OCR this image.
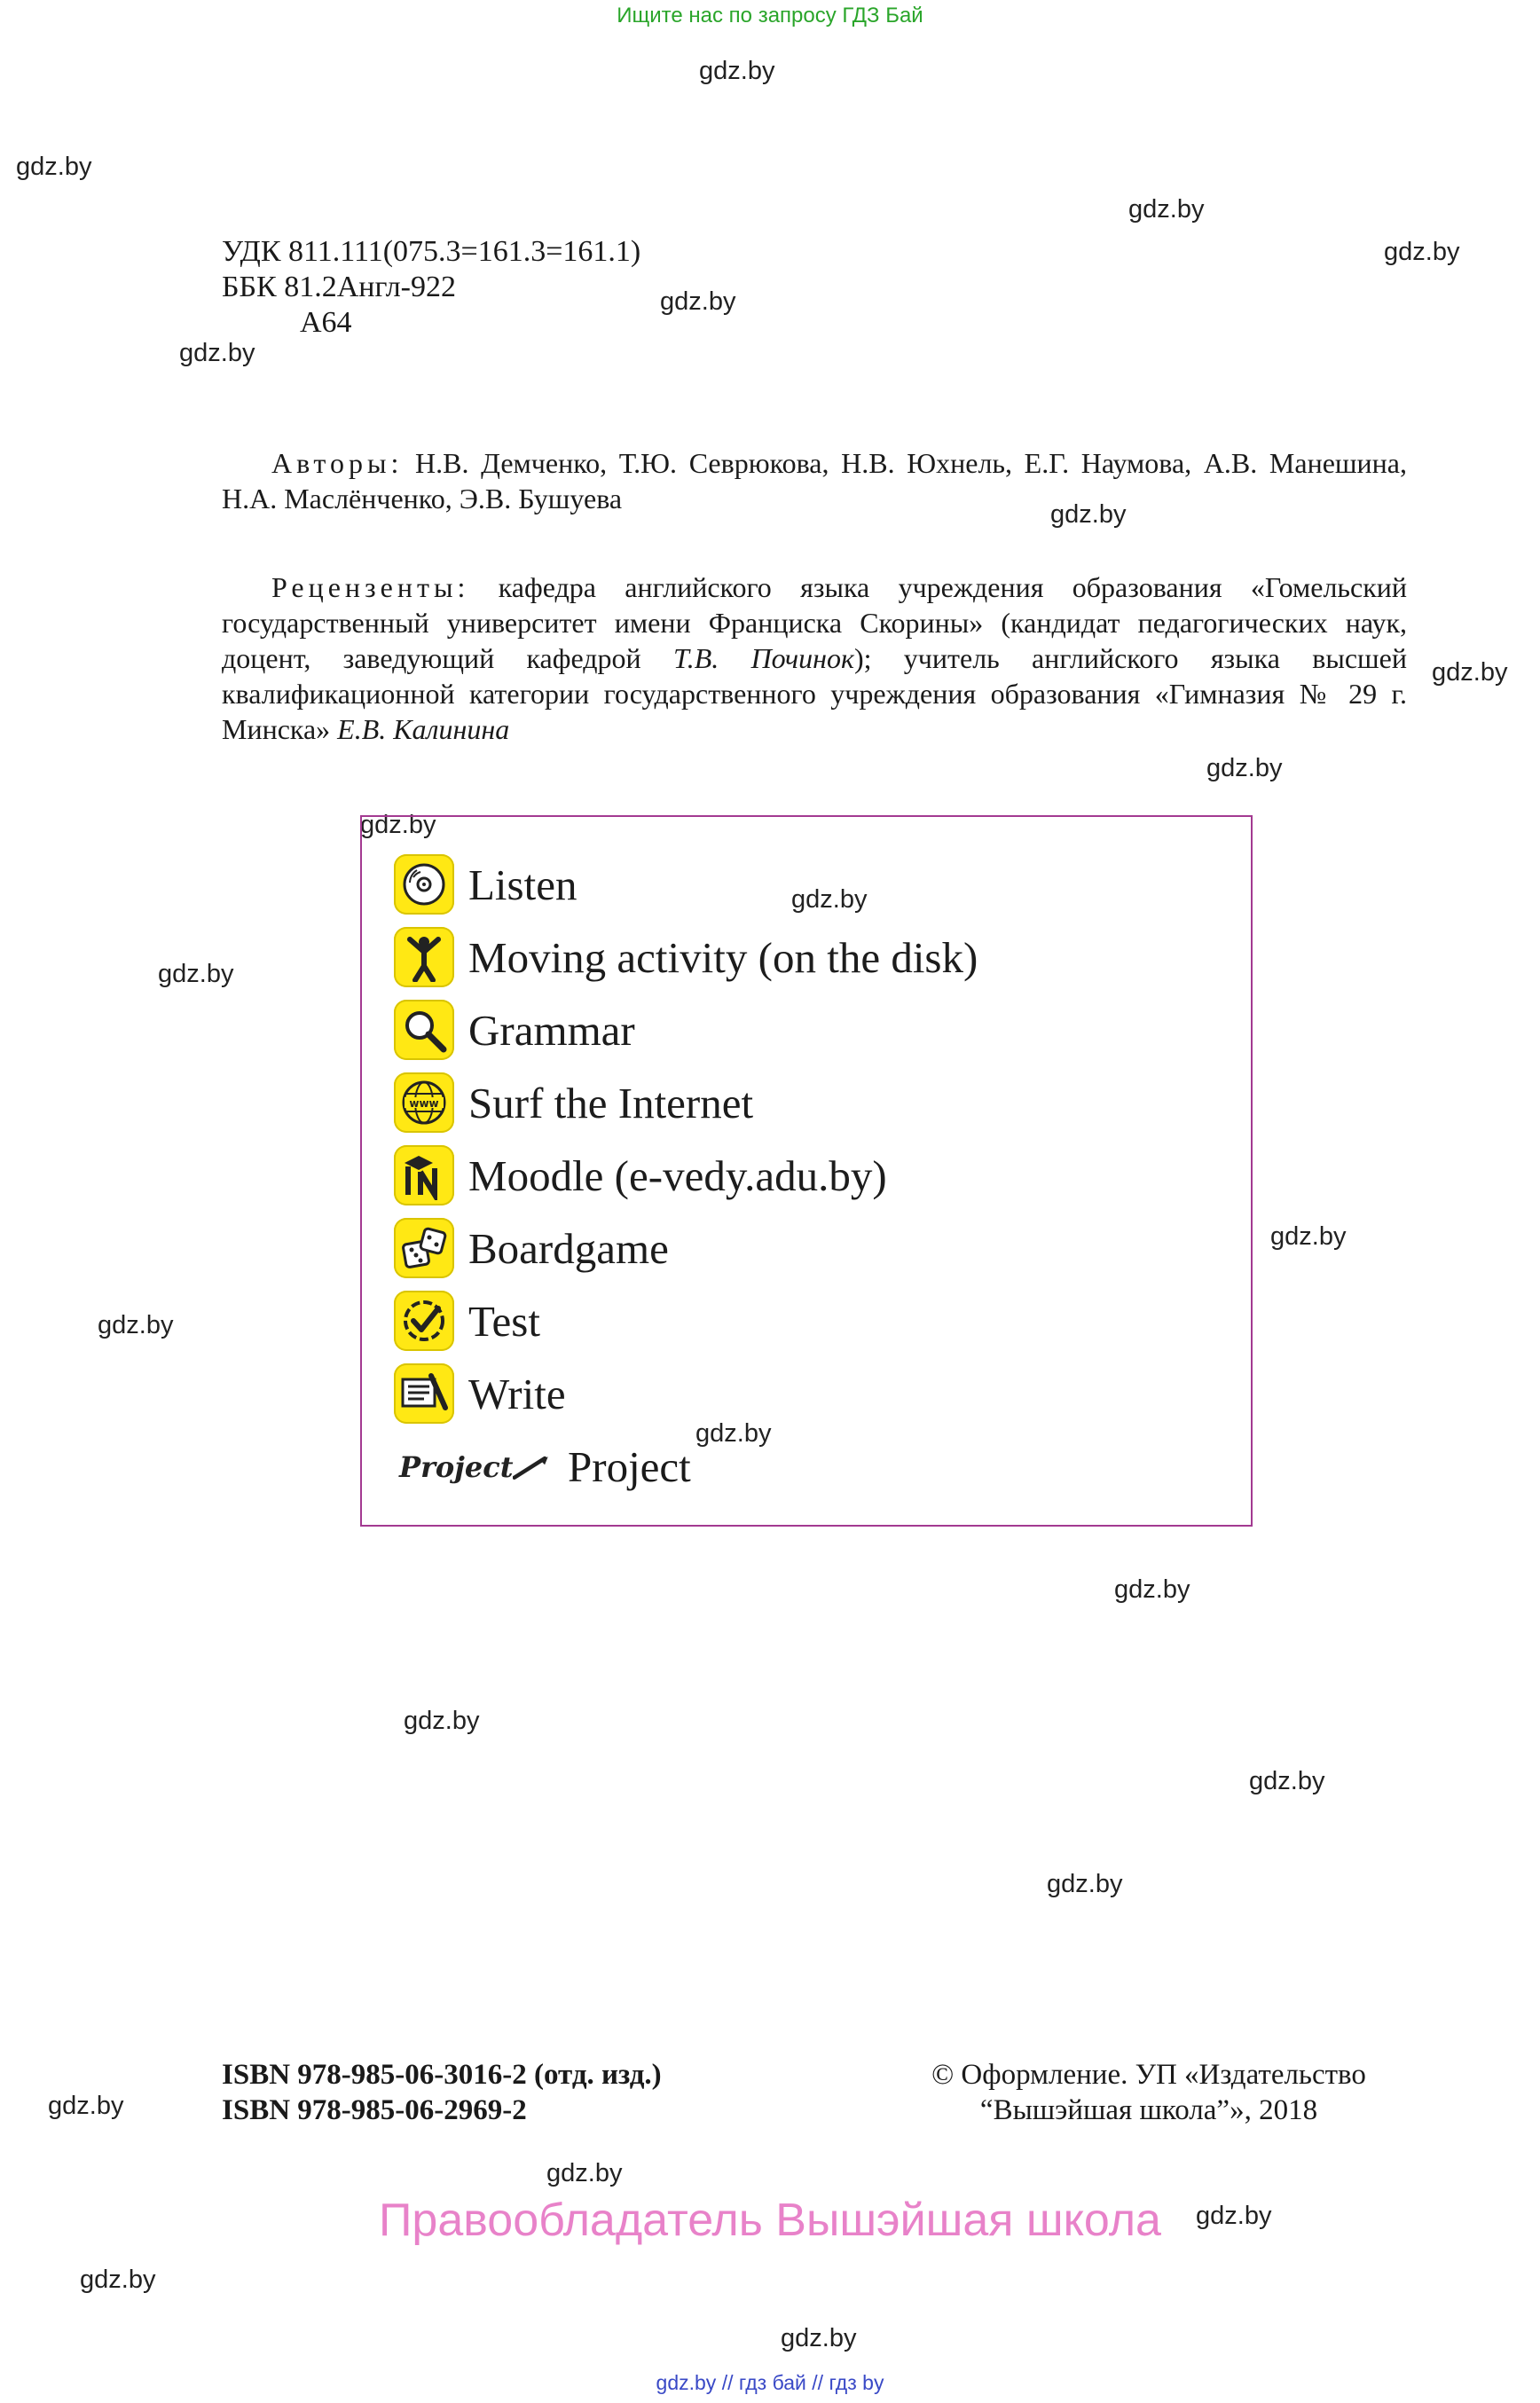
Ищите нас по запросу ГДЗ Бай
gdz.by
gdz.by
gdz.by
gdz.by
gdz.by
gdz.by
gdz.by
gdz.by
gdz.by
gdz.by
gdz.by
gdz.by
gdz.by
gdz.by
gdz.by
gdz.by
gdz.by
gdz.by
gdz.by
gdz.by
gdz.by
gdz.by
gdz.by
gdz.by
УДК 811.111(075.3=161.3=161.1)
ББК 81.2Англ-922
А64
Авторы: Н.В. Демченко, Т.Ю. Севрюкова, Н.В. Юхнель, Е.Г. Наумова, А.В. Манешина, Н.А. Маслёнченко, Э.В. Бушуева
Рецензенты: кафедра английского языка учреждения образования «Гомельский государственный университет имени Франциска Скорины» (кандидат педагогических наук, доцент, заведующий кафедрой Т.В. Починок); учитель английского языка высшей квалификационной категории государственного учреждения образования «Гимназия № 29 г. Минска» Е.В. Калинина
Listen
Moving activity (on the disk)
Grammar
www Surf the Internet
Moodle (e-vedy.adu.by)
Boardgame
Test
Write
Project Project
ISBN 978-985-06-3016-2 (отд. изд.)
ISBN 978-985-06-2969-2
© Оформление. УП «Издательство
“Вышэйшая школа”», 2018
Правообладатель Вышэйшая школа
gdz.by // гдз бай // гдз by
